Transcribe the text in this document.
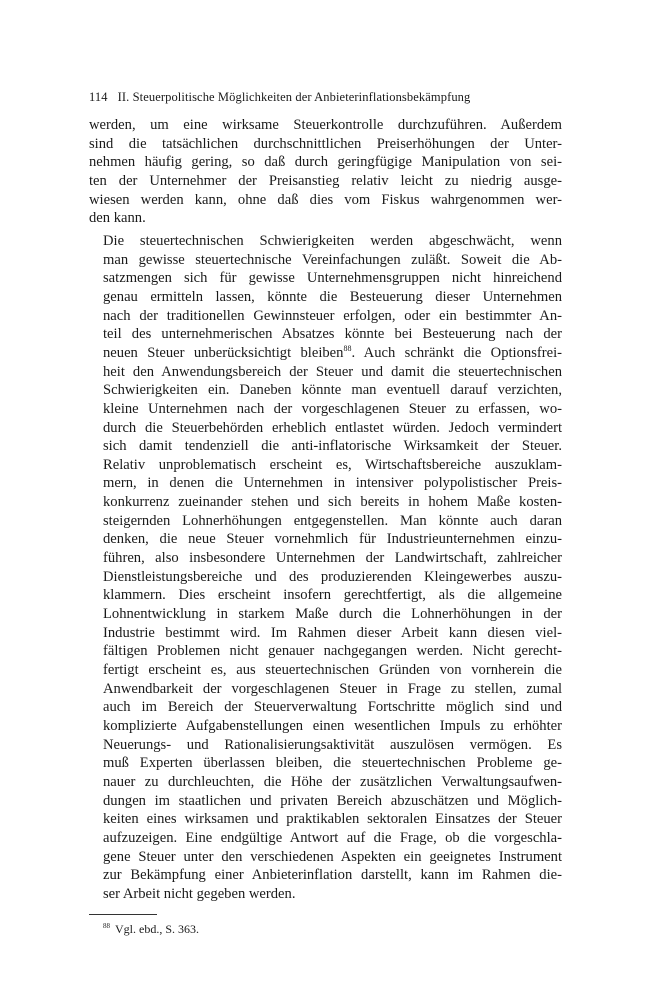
114 II. Steuerpolitische Möglichkeiten der Anbieterinflationsbekämpfung

werden, um eine wirksame Steuerkontrolle durchzuführen. Außerdem
sind die tatsächlichen durchschnittlichen Preiserhöhungen der Unter-
nehmen häufig gering, so daß durch geringfügige Manipulation von sei-
ten der Unternehmer der Preisanstieg relativ leicht zu niedrig ausge-
wiesen werden kann, ohne daß dies vom Fiskus wahrgenommen wer-
den kann.

Die steuertechnischen Schwierigkeiten werden abgeschwächt, wenn
man gewisse steuertechnische Vereinfachungen zuläßt. Soweit die Ab-
satzmengen sich für gewisse Unternehmensgruppen nicht hinreichend
genau ermitteln lassen, könnte die Besteuerung dieser Unternehmen
nach der traditionellen Gewinnsteuer erfolgen, oder ein bestimmter An-
teil des unternehmerischen Absatzes könnte bei Besteuerung nach der
neuen Steuer unberücksichtigt bleiben$^{88}$. Auch schränkt die Optionsfrei-
heit den Anwendungsbereich der Steuer und damit die steuertechnischen
Schwierigkeiten ein. Daneben könnte man eventuell darauf verzichten,
kleine Unternehmen nach der vorgeschlagenen Steuer zu erfassen, wo-
durch die Steuerbehörden erheblich entlastet würden. Jedoch vermindert
sich damit tendenziell die anti-inflatorische Wirksamkeit der Steuer.
Relativ unproblematisch erscheint es, Wirtschaftsbereiche auszuklam-
mern, in denen die Unternehmen in intensiver polypolistischer Preis-
konkurrenz zueinander stehen und sich bereits in hohem Maße kosten-
steigernden Lohnerhöhungen entgegenstellen. Man könnte auch daran
denken, die neue Steuer vornehmlich für Industrieunternehmen einzu-
führen, also insbesondere Unternehmen der Landwirtschaft, zahlreicher
Dienstleistungsbereiche und des produzierenden Kleingewerbes auszu-
klammern. Dies erscheint insofern gerechtfertigt, als die allgemeine
Lohnentwicklung in starkem Maße durch die Lohnerhöhungen in der
Industrie bestimmt wird. Im Rahmen dieser Arbeit kann diesen viel-
fältigen Problemen nicht genauer nachgegangen werden. Nicht gerecht-
fertigt erscheint es, aus steuertechnischen Gründen von vornherein die
Anwendbarkeit der vorgeschlagenen Steuer in Frage zu stellen, zumal
auch im Bereich der Steuerverwaltung Fortschritte möglich sind und
komplizierte Aufgabenstellungen einen wesentlichen Impuls zu erhöhter
Neuerungs- und Rationalisierungsaktivität auszulösen vermögen. Es
muß Experten überlassen bleiben, die steuertechnischen Probleme ge-
nauer zu durchleuchten, die Höhe der zusätzlichen Verwaltungsaufwen-
dungen im staatlichen und privaten Bereich abzuschätzen und Möglich-
keiten eines wirksamen und praktikablen sektoralen Einsatzes der Steuer
aufzuzeigen. Eine endgültige Antwort auf die Frage, ob die vorgeschla-
gene Steuer unter den verschiedenen Aspekten ein geeignetes Instrument
zur Bekämpfung einer Anbieterinflation darstellt, kann im Rahmen die-
ser Arbeit nicht gegeben werden.

$^{88}$ Vgl. ebd., S. 363.
